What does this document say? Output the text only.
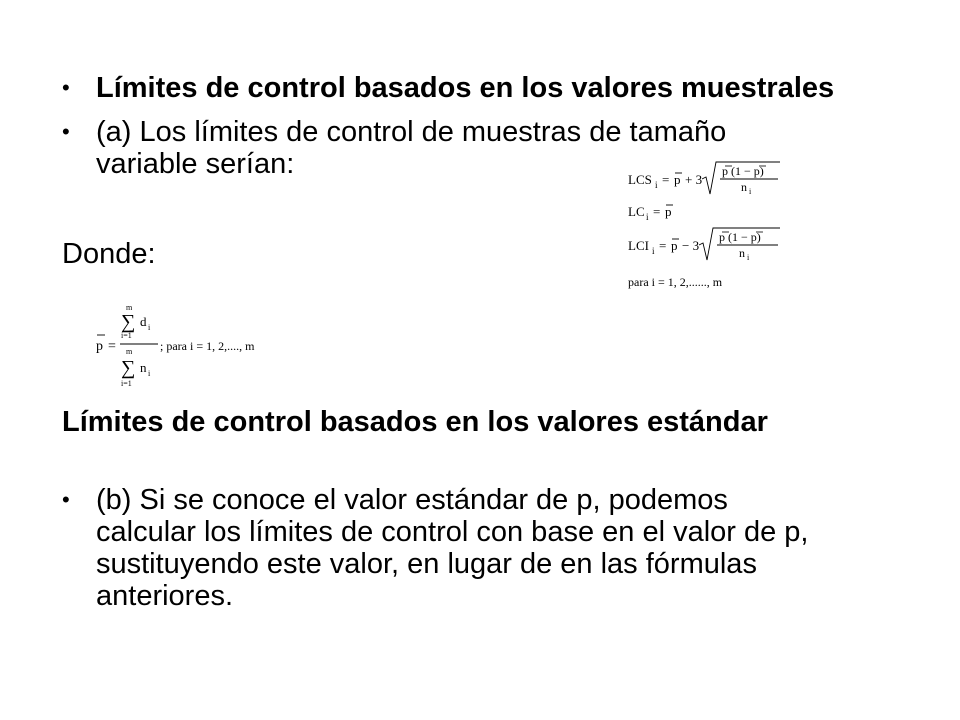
• Límites de control basados en los valores muestrales
• (a) Los límites de control de muestras de tamaño
variable serían:	LCS i = p + 3
p (1 − p)
n i
LC i = p
LCI i = p − 3
p (1 − p)
n i
para i = 1, 2,......, m
Donde:
p =
m
∑
i=1
d i
m
∑
i=1
n i
; para i = 1, 2,...., m
Límites de control basados en los valores estándar
• (b) Si se conoce el valor estándar de p, podemos
calcular los límites de control con base en el valor de p,
sustituyendo este valor, en lugar de en las fórmulas
anteriores.
